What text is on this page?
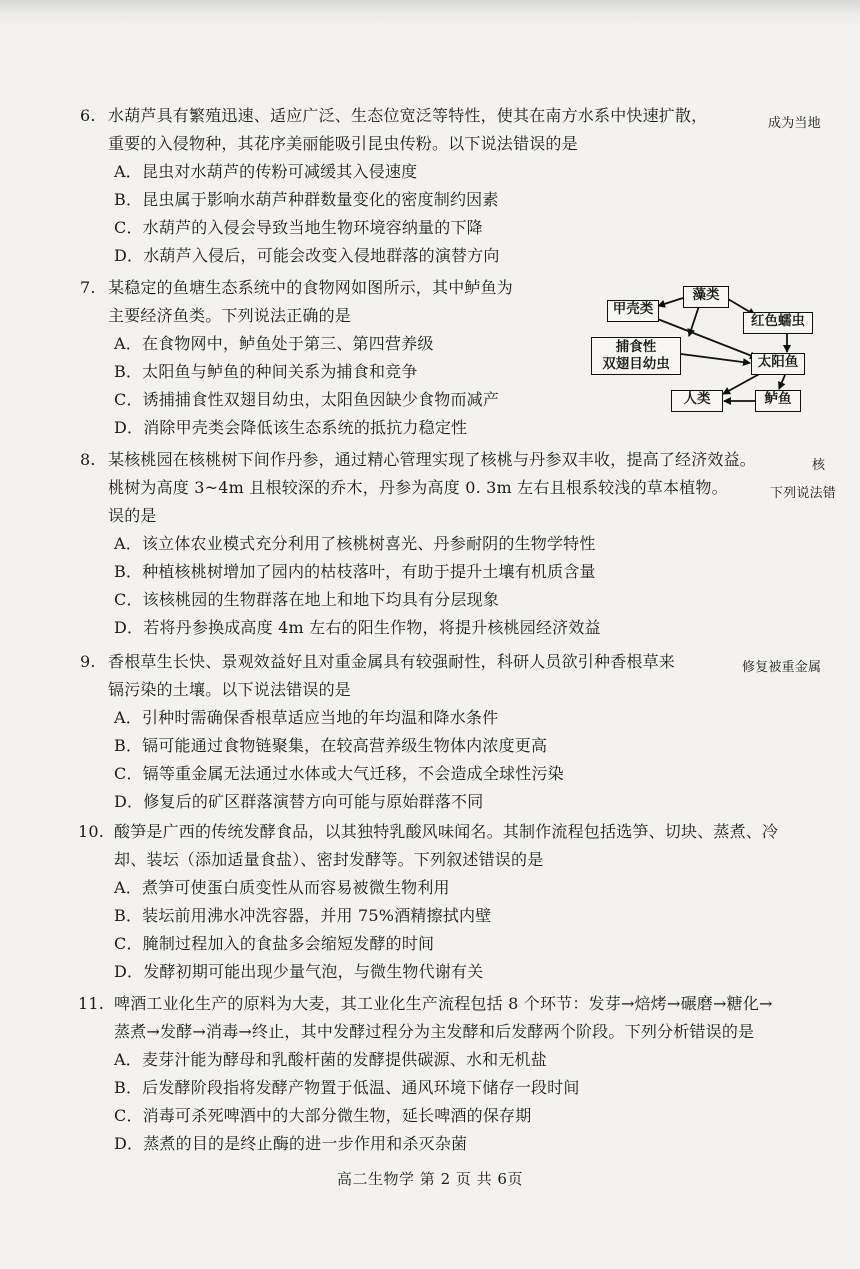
6. 水葫芦具有繁殖迅速、适应广泛、生态位宽泛等特性，使其在南方水系中快速扩散，	成为当地
重要的入侵物种，其花序美丽能吸引昆虫传粉。以下说法错误的是
A．昆虫对水葫芦的传粉可减缓其入侵速度
B．昆虫属于影响水葫芦种群数量变化的密度制约因素
C．水葫芦的入侵会导致当地生物环境容纳量的下降
D．水葫芦入侵后，可能会改变入侵地群落的演替方向
7. 某稳定的鱼塘生态系统中的食物网如图所示，其中鲈鱼为
主要经济鱼类。下列说法正确的是
A．在食物网中，鲈鱼处于第三、第四营养级
B．太阳鱼与鲈鱼的种间关系为捕食和竞争
C．诱捕捕食性双翅目幼虫，太阳鱼因缺少食物而减产
D．消除甲壳类会降低该生态系统的抵抗力稳定性
藻类
甲壳类
红色蠕虫
捕食性
双翅目幼虫	太阳鱼
人类	鲈鱼
8. 某核桃园在核桃树下间作丹参，通过精心管理实现了核桃与丹参双丰收，提高了经济效益。	核
桃树为高度 3~4m 且根较深的乔木，丹参为高度 0. 3m 左右且根系较浅的草本植物。	下列说法错
误的是
A．该立体农业模式充分利用了核桃树喜光、丹参耐阴的生物学特性
B．种植核桃树增加了园内的枯枝落叶，有助于提升土壤有机质含量
C．该核桃园的生物群落在地上和地下均具有分层现象
D．若将丹参换成高度 4m 左右的阳生作物，将提升核桃园经济效益
9. 香根草生长快、景观效益好且对重金属具有较强耐性，科研人员欲引种香根草来	修复被重金属
镉污染的土壤。以下说法错误的是
A．引种时需确保香根草适应当地的年均温和降水条件
B．镉可能通过食物链聚集，在较高营养级生物体内浓度更高
C．镉等重金属无法通过水体或大气迁移，不会造成全球性污染
D．修复后的矿区群落演替方向可能与原始群落不同
10. 酸笋是广西的传统发酵食品，以其独特乳酸风味闻名。其制作流程包括选笋、切块、蒸煮、冷
却、装坛（添加适量食盐）、密封发酵等。下列叙述错误的是
A．煮笋可使蛋白质变性从而容易被微生物利用
B．装坛前用沸水冲洗容器，并用 75%酒精擦拭内壁
C．腌制过程加入的食盐多会缩短发酵的时间
D．发酵初期可能出现少量气泡，与微生物代谢有关
11. 啤酒工业化生产的原料为大麦，其工业化生产流程包括 8 个环节：发芽→焙烤→碾磨→糖化→
蒸煮→发酵→消毒→终止，其中发酵过程分为主发酵和后发酵两个阶段。下列分析错误的是
A．麦芽汁能为酵母和乳酸杆菌的发酵提供碳源、水和无机盐
B．后发酵阶段指将发酵产物置于低温、通风环境下储存一段时间
C．消毒可杀死啤酒中的大部分微生物，延长啤酒的保存期
D．蒸煮的目的是终止酶的进一步作用和杀灭杂菌
高二生物学 第 2 页 共 6页
